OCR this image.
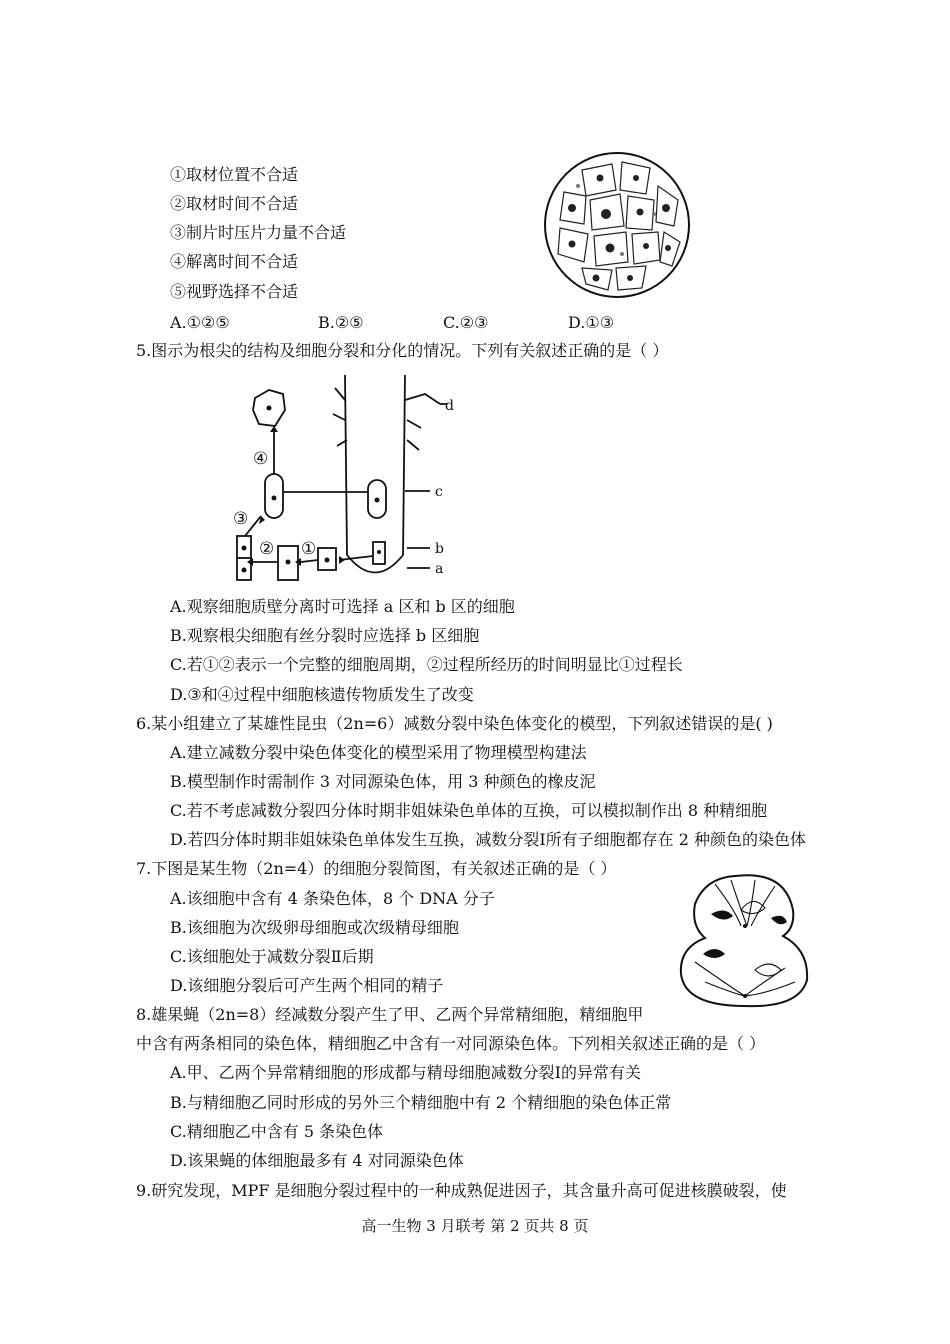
①取材位置不合适
②取材时间不合适
③制片时压片力量不合适
④解离时间不合适
⑤视野选择不合适
A.①②⑤	B.②⑤	C.②③	D.①③
5.图示为根尖的结构及细胞分裂和分化的情况。下列有关叙述正确的是（ ）
d
c
b
a
①
②
③
④
A.观察细胞质壁分离时可选择 a 区和 b 区的细胞
B.观察根尖细胞有丝分裂时应选择 b 区细胞
C.若①②表示一个完整的细胞周期，②过程所经历的时间明显比①过程长
D.③和④过程中细胞核遗传物质发生了改变
6.某小组建立了某雄性昆虫（2n=6）减数分裂中染色体变化的模型，下列叙述错误的是( )
A.建立减数分裂中染色体变化的模型采用了物理模型构建法
B.模型制作时需制作 3 对同源染色体，用 3 种颜色的橡皮泥
C.若不考虑减数分裂四分体时期非姐妹染色单体的互换，可以模拟制作出 8 种精细胞
D.若四分体时期非姐妹染色单体发生互换，减数分裂Ⅰ所有子细胞都存在 2 种颜色的染色体
7.下图是某生物（2n=4）的细胞分裂简图，有关叙述正确的是（ ）
A.该细胞中含有 4 条染色体，8 个 DNA 分子
B.该细胞为次级卵母细胞或次级精母细胞
C.该细胞处于减数分裂Ⅱ后期
D.该细胞分裂后可产生两个相同的精子
8.雄果蝇（2n=8）经减数分裂产生了甲、乙两个异常精细胞，精细胞甲
中含有两条相同的染色体，精细胞乙中含有一对同源染色体。下列相关叙述正确的是（ ）
A.甲、乙两个异常精细胞的形成都与精母细胞减数分裂Ⅰ的异常有关
B.与精细胞乙同时形成的另外三个精细胞中有 2 个精细胞的染色体正常
C.精细胞乙中含有 5 条染色体
D.该果蝇的体细胞最多有 4 对同源染色体
9.研究发现，MPF 是细胞分裂过程中的一种成熟促进因子，其含量升高可促进核膜破裂，使
高一生物 3 月联考 第 2 页共 8 页
